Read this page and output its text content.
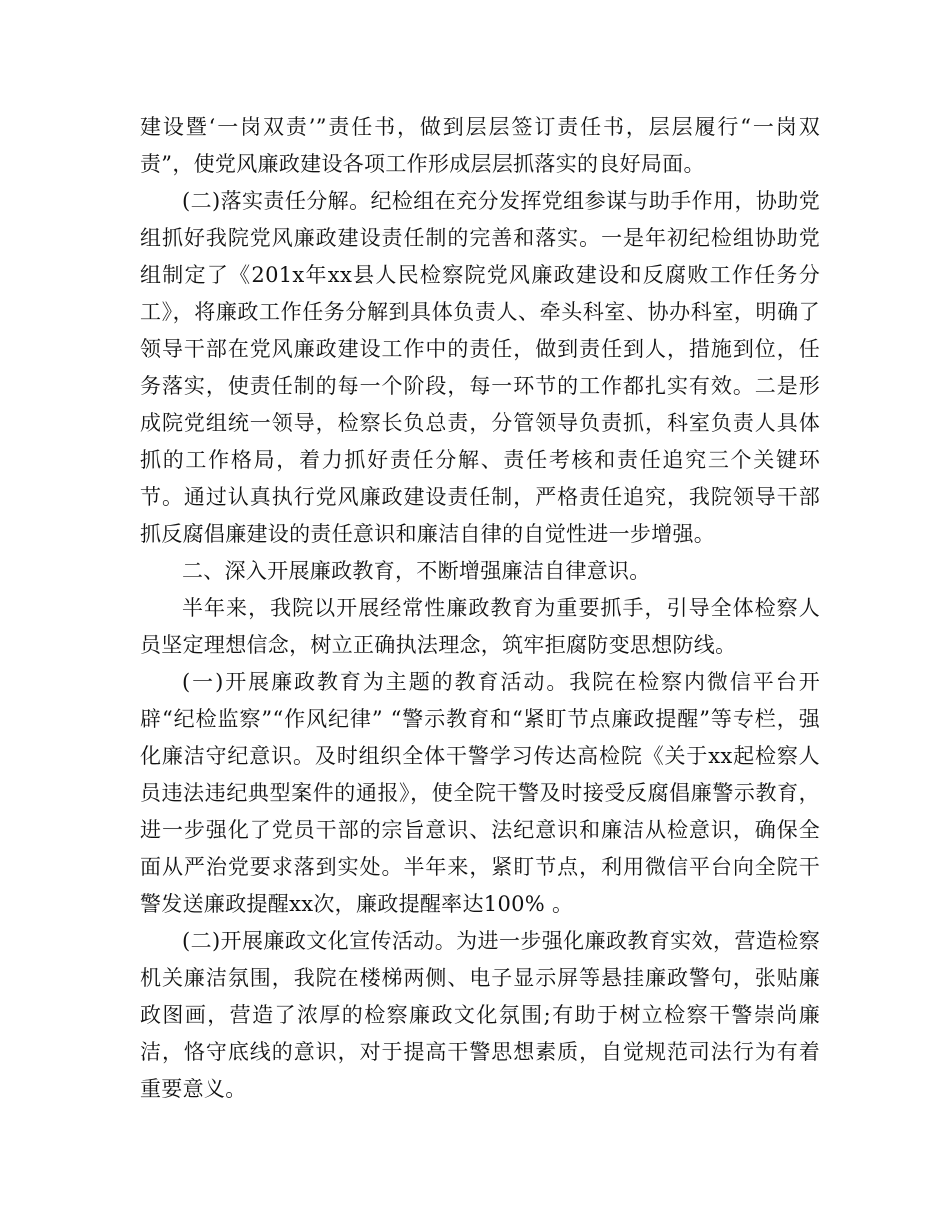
建设暨‘一岗双责’”责任书，做到层层签订责任书，层层履行“一岗双责”，使党风廉政建设各项工作形成层层抓落实的良好局面。

(二)落实责任分解。纪检组在充分发挥党组参谋与助手作用，协助党组抓好我院党风廉政建设责任制的完善和落实。一是年初纪检组协助党组制定了《201x年xx县人民检察院党风廉政建设和反腐败工作任务分工》，将廉政工作任务分解到具体负责人、牵头科室、协办科室，明确了领导干部在党风廉政建设工作中的责任，做到责任到人，措施到位，任务落实，使责任制的每一个阶段，每一环节的工作都扎实有效。二是形成院党组统一领导，检察长负总责，分管领导负责抓，科室负责人具体抓的工作格局，着力抓好责任分解、责任考核和责任追究三个关键环节。通过认真执行党风廉政建设责任制，严格责任追究，我院领导干部抓反腐倡廉建设的责任意识和廉洁自律的自觉性进一步增强。

二、深入开展廉政教育，不断增强廉洁自律意识。

半年来，我院以开展经常性廉政教育为重要抓手，引导全体检察人员坚定理想信念，树立正确执法理念，筑牢拒腐防变思想防线。

(一)开展廉政教育为主题的教育活动。我院在检察内微信平台开辟“纪检监察”“作风纪律” “警示教育和“紧盯节点廉政提醒”等专栏，强化廉洁守纪意识。及时组织全体干警学习传达高检院《关于xx起检察人员违法违纪典型案件的通报》，使全院干警及时接受反腐倡廉警示教育，进一步强化了党员干部的宗旨意识、法纪意识和廉洁从检意识，确保全面从严治党要求落到实处。半年来，紧盯节点，利用微信平台向全院干警发送廉政提醒xx次，廉政提醒率达100% 。

(二)开展廉政文化宣传活动。为进一步强化廉政教育实效，营造检察机关廉洁氛围，我院在楼梯两侧、电子显示屏等悬挂廉政警句，张贴廉政图画，营造了浓厚的检察廉政文化氛围;有助于树立检察干警崇尚廉洁，恪守底线的意识，对于提高干警思想素质，自觉规范司法行为有着重要意义。
